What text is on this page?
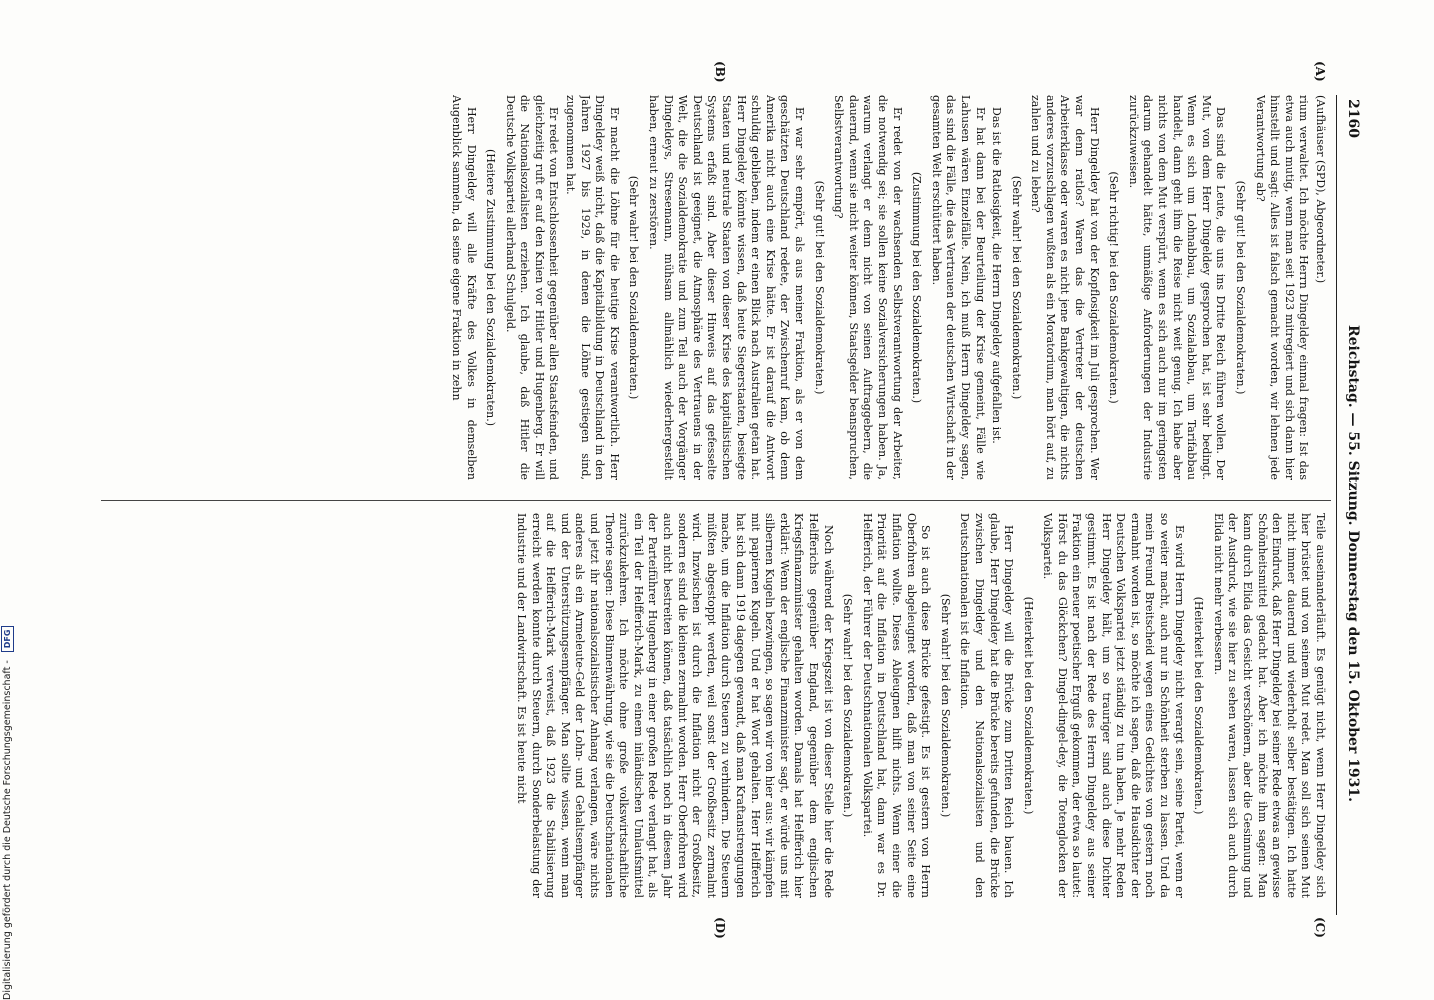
2160
Reichstag. — 55. Sitzung. Donnerstag den 15. Oktober 1931.
(A)
(B)
(C)
(D)

(Aufhäuser (SPD), Abgeordneter.)

rium verwaltet. Ich möchte Herrn Dingeldey einmal fragen: Ist das etwa auch mutig, wenn man seit 1923 mitregiert und sich dann hier hinstellt und sagt: Alles ist falsch gemacht worden, wir lehnen jede Verantwortung ab?

(Sehr gut! bei den Sozialdemokraten.)

Das sind die Leute, die uns ins Dritte Reich führen wollen. Der Mut, von dem Herr Dingeldey gesprochen hat, ist sehr bedingt. Wenn es sich um Lohnabbau, um Sozialabbau, um Tarifabbau handelt, dann geht ihm die Reise nicht weit genug. Ich habe aber nichts von dem Mut verspürt, wenn es sich auch nur im geringsten darum gehandelt hätte, unmäßige Anforderungen der Industrie zurückzuweisen.

(Sehr richtig! bei den Sozialdemokraten.)

Herr Dingeldey hat von der Kopflosigkeit im Juli gesprochen. Wer war denn ratlos? Waren das die Vertreter der deutschen Arbeiterklasse oder waren es nicht jene Bankgewaltigen, die nichts anderes vorzuschlagen wußten als ein Moratorium, man hört auf, zu zahlen und zu leben?

(Sehr wahr! bei den Sozialdemokraten.)

Das ist die Ratlosigkeit, die Herrn Dingeldey aufgefallen ist.

Er hat dann bei der Beurteilung der Krise gemeint, Fälle wie Lahusen wären Einzelfälle. Nein, ich muß Herrn Dingeldey sagen, das sind die Fälle, die das Vertrauen der deutschen Wirtschaft in der gesamten Welt erschüttert haben.

(Zustimmung bei den Sozialdemokraten.)

Er redet von der wachsenden Selbstverantwortung der Arbeiter, die notwendig sei; sie sollen keine Sozialversicherungen haben. Ja, warum verlangt er denn nicht von seinen Auftraggebern, die dauernd, wenn sie nicht weiter können, Staatsgelder beanspruchen, Selbstverantwortung?

(Sehr gut! bei den Sozialdemokraten.)

Er war sehr empört, als aus meiner Fraktion, als er von dem geschätzten Deutschland redete, der Zwischenruf kam, ob denn Amerika nicht auch eine Krise hätte. Er ist darauf die Antwort schuldig geblieben, indem er einen Blick nach Australien getan hat. Herr Dingeldey könnte wissen, daß heute Siegerstaaten, besiegte Staaten und neutrale Staaten von dieser Krise des kapitalistischen Systems erfaßt sind. Aber dieser Hinweis auf das gefesselte Deutschland ist geeignet, die Atmosphäre des Vertrauens in der Welt, die die Sozialdemokratie und zum Teil auch der Vorgänger Dingeldeys, Stresemann, mühsam allmählich wiederhergestellt haben, erneut zu zerstören.

(Sehr wahr! bei den Sozialdemokraten.)

Er macht die Löhne für die heutige Krise verantwortlich. Herr Dingeldey weiß nicht, daß die Kapitalbildung in Deutschland in den Jahren 1927 bis 1929, in denen die Löhne gestiegen sind, zugenommen hat.

Er redet von Entschlossenheit gegenüber allen Staatsfeinden, und gleichzeitig ruft er auf den Knien vor Hitler und Hugenberg. Er will die Nationalsozialisten erziehen. Ich glaube, daß Hitler die Deutsche Volkspartei allerhand Schulgeld.

(Heitere Zustimmung bei den Sozialdemokraten.)

Herr Dingeldey will alle Kräfte des Volkes in demselben Augenblick sammeln, da seine eigene Fraktion in zehn

Teile auseinanderläuft. Es genügt nicht, wenn Herr Dingeldey sich hier brüstet und von seinem Mut redet. Man soll sich seinen Mut nicht immer dauernd und wiederholt selber bestätigen. Ich hatte den Eindruck, daß Herr Dingeldey bei seiner Rede etwas an gewisse Schönheitsmittel gedacht hat. Aber ich möchte ihm sagen: Man kann durch Elida das Gesicht verschönern, aber die Gesinnung und der Ausdruck, wie sie hier zu sehen waren, lassen sich auch durch Elida nicht mehr verbessern.

(Heiterkeit bei den Sozialdemokraten.)

Es wird Herrn Dingeldey nicht verargt sein, seine Partei, wenn er so weiter macht, auch nur in Schönheit sterben zu lassen. Und da mein Freund Breitscheid wegen eines Gedichtes von gestern noch ermahnt worden ist, so möchte ich sagen, daß die Hausdichter der Deutschen Volkspartei jetzt ständig zu tun haben. Je mehr Reden Herr Dingeldey hält, um so trauriger sind auch diese Dichter gestimmt. Es ist nach der Rede des Herrn Dingeldey aus seiner Fraktion ein neuer poetischer Erguß gekommen, der etwa so lautet: Hörst du das Glöckchen? Dingel-dingel-dey, die Totenglocken der Volkspartei.

(Heiterkeit bei den Sozialdemokraten.)

Herr Dingeldey will die Brücke zum Dritten Reich bauen. Ich glaube, Herr Dingeldey hat die Brücke bereits gefunden, die Brücke zwischen Dingeldey und den Nationalsozialisten und den Deutschnationalen ist die Inflation.

(Sehr wahr! bei den Sozialdemokraten.)

So ist auch diese Brücke gefestigt. Es ist gestern von Herrn Oberfohren abgeleugnet worden, daß man von seiner Seite eine Inflation wollte. Dieses Ableugnen hilft nichts. Wenn einer die Priorität auf die Inflation in Deutschland hat, dann war es Dr. Helfferich, der Führer der Deutschnationalen Volkspartei.

(Sehr wahr! bei den Sozialdemokraten.)

Noch während der Kriegszeit ist von dieser Stelle hier die Rede Helfferichs gegenüber England, gegenüber dem englischen Kriegsfinanzminister gehalten worden. Damals hat Helfferich hier erklärt: Wenn der englische Finanzminister sagt, er würde uns mit silbernen Kugeln bezwingen, so sagen wir von hier aus: wir kämpfen mit papiernen Kugeln. Und er hat Wort gehalten. Herr Helfferich hat sich dann 1919 dagegen gewandt, daß man Kraftanstrengungen mache, um die Inflation durch Steuern zu verhindern. Die Steuern müßten abgestoppt werden, weil sonst der Großbesitz zermalmt wird. Inzwischen ist durch die Inflation nicht der Großbesitz, sondern es sind die kleinen zermalmt worden. Herr Oberfohren wird auch nicht bestreiten können, daß tatsächlich noch in diesem Jahr der Parteiführer Hugenberg in einer großen Rede verlangt hat, als ein Teil der Helfferich-Mark, zu einem inländischen Umlaufsmittel zurückzukehren. Ich möchte ohne große volkswirtschaftliche Theorie sagen: Diese Binnenwährung, wie sie die Deutschnationalen und jetzt ihr nationalsozialistischer Anhang verlangen, wäre nichts anderes als ein Armeleute-Geld der Lohn- und Gehaltsempfänger und der Unterstützungsempfänger. Man sollte wissen, wenn man auf die Helfferich-Mark verweist, daß 1923 die Stabilisierung erreicht werden konnte durch Steuern, durch Sonderbelastung der Industrie und der Landwirtschaft. Es ist heute nicht

Digitalisierung gefördert durch die Deutsche Forschungsgemeinschaft - DFG
